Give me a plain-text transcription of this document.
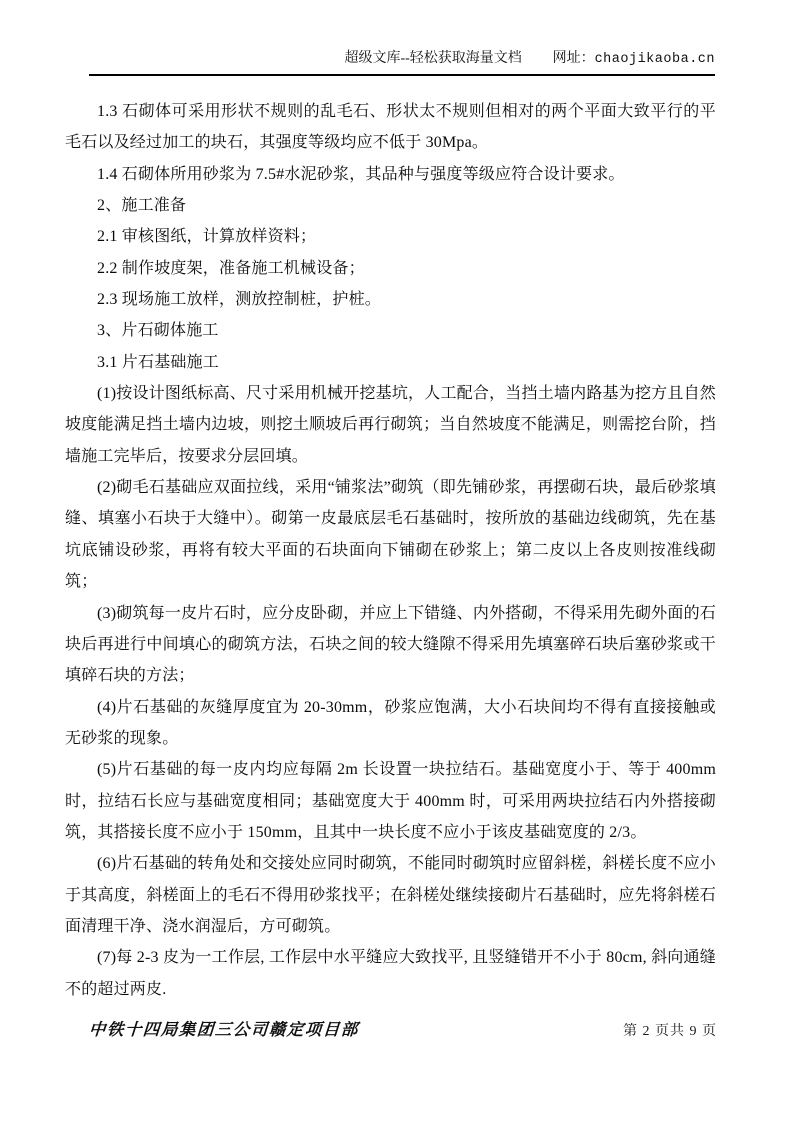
超级文库--轻松获取海量文档 网址：chaojikaoba.cn

1.3 石砌体可采用形状不规则的乱毛石、形状太不规则但相对的两个平面大致平行的平毛石以及经过加工的块石，其强度等级均应不低于 30Mpa。

1.4 石砌体所用砂浆为 7.5#水泥砂浆，其品种与强度等级应符合设计要求。

2、施工准备

2.1 审核图纸，计算放样资料；

2.2 制作坡度架，准备施工机械设备；

2.3 现场施工放样，测放控制桩，护桩。

3、片石砌体施工

3.1 片石基础施工

(1)按设计图纸标高、尺寸采用机械开挖基坑，人工配合，当挡土墙内路基为挖方且自然坡度能满足挡土墙内边坡，则挖土顺坡后再行砌筑；当自然坡度不能满足，则需挖台阶，挡墙施工完毕后，按要求分层回填。

(2)砌毛石基础应双面拉线，采用“铺浆法”砌筑（即先铺砂浆，再摆砌石块，最后砂浆填缝、填塞小石块于大缝中）。砌第一皮最底层毛石基础时，按所放的基础边线砌筑，先在基坑底铺设砂浆，再将有较大平面的石块面向下铺砌在砂浆上；第二皮以上各皮则按准线砌筑；

(3)砌筑每一皮片石时，应分皮卧砌，并应上下错缝、内外搭砌，不得采用先砌外面的石块后再进行中间填心的砌筑方法，石块之间的较大缝隙不得采用先填塞碎石块后塞砂浆或干填碎石块的方法；

(4)片石基础的灰缝厚度宜为 20-30mm，砂浆应饱满，大小石块间均不得有直接接触或无砂浆的现象。

(5)片石基础的每一皮内均应每隔 2m 长设置一块拉结石。基础宽度小于、等于 400mm 时，拉结石长应与基础宽度相同；基础宽度大于 400mm 时，可采用两块拉结石内外搭接砌筑，其搭接长度不应小于 150mm，且其中一块长度不应小于该皮基础宽度的 2/3。

(6)片石基础的转角处和交接处应同时砌筑，不能同时砌筑时应留斜槎，斜槎长度不应小于其高度，斜槎面上的毛石不得用砂浆找平；在斜槎处继续接砌片石基础时，应先将斜槎石面清理干净、浇水润湿后，方可砌筑。

(7)每 2-3 皮为一工作层, 工作层中水平缝应大致找平, 且竖缝错开不小于 80cm, 斜向通缝不的超过两皮.

中铁十四局集团三公司赣定项目部	第 2 页共 9 页
